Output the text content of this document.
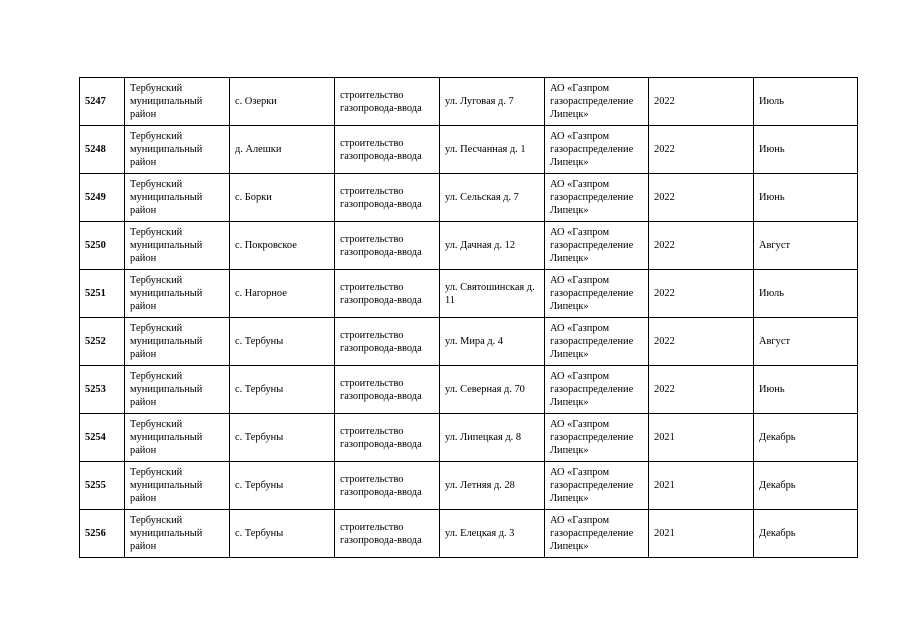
5247	Тербунский муниципальный район	с. Озерки	строительство газопровода-ввода	ул. Луговая д. 7	АО «Газпром газораспределение Липецк»	2022	Июль

5248	Тербунский муниципальный район	д. Алешки	строительство газопровода-ввода	ул. Песчанная д. 1	АО «Газпром газораспределение Липецк»	2022	Июнь

5249	Тербунский муниципальный район	с. Борки	строительство газопровода-ввода	ул. Сельская д. 7	АО «Газпром газораспределение Липецк»	2022	Июнь

5250	Тербунский муниципальный район	с. Покровское	строительство газопровода-ввода	ул. Дачная д. 12	АО «Газпром газораспределение Липецк»	2022	Август

5251	Тербунский муниципальный район	с. Нагорное	строительство газопровода-ввода	ул. Святошинская д. 11	АО «Газпром газораспределение Липецк»	2022	Июль

5252	Тербунский муниципальный район	с. Тербуны	строительство газопровода-ввода	ул. Мира д. 4	АО «Газпром газораспределение Липецк»	2022	Август

5253	Тербунский муниципальный район	с. Тербуны	строительство газопровода-ввода	ул. Северная д. 70	АО «Газпром газораспределение Липецк»	2022	Июнь

5254	Тербунский муниципальный район	с. Тербуны	строительство газопровода-ввода	ул. Липецкая д. 8	АО «Газпром газораспределение Липецк»	2021	Декабрь

5255	Тербунский муниципальный район	с. Тербуны	строительство газопровода-ввода	ул. Летняя д. 28	АО «Газпром газораспределение Липецк»	2021	Декабрь

5256	Тербунский муниципальный район	с. Тербуны	строительство газопровода-ввода	ул. Елецкая д. 3	АО «Газпром газораспределение Липецк»	2021	Декабрь
